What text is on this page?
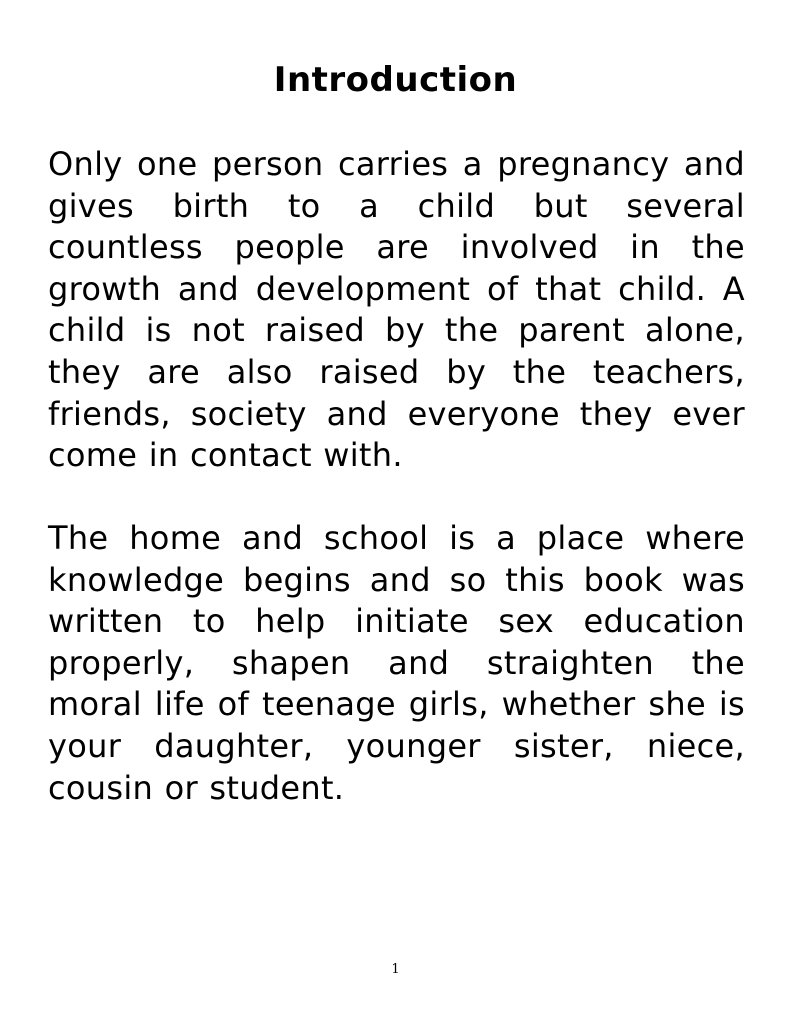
Introduction

Only one person carries a pregnancy and gives birth to a child but several countless people are involved in the growth and development of that child. A child is not raised by the parent alone, they are also raised by the teachers, friends, society and everyone they ever come in contact with.

The home and school is a place where knowledge begins and so this book was written to help initiate sex education properly, shapen and straighten the moral life of teenage girls, whether she is your daughter, younger sister, niece, cousin or student.

1
